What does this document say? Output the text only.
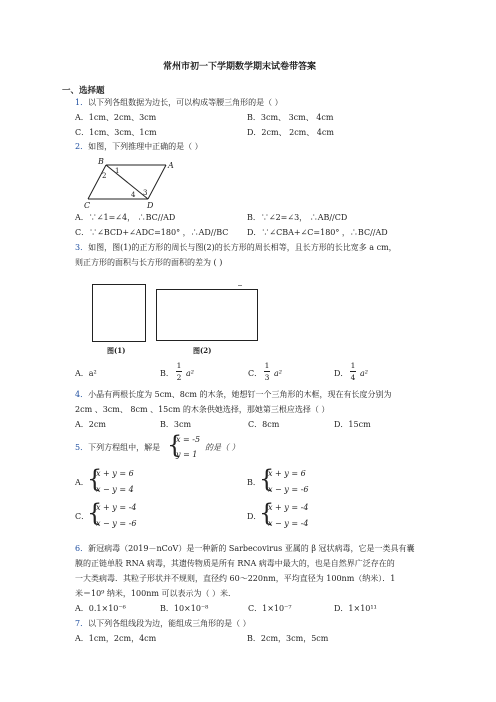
常州市初一下学期数学期末试卷带答案
一、选择题
1．以下列各组数据为边长，可以构成等腰三角形的是（ ）
A．1cm、2cm、3cm	B．3cm、 3cm、 4cm
C．1cm、3cm、1cm	D．2cm、 2cm、 4cm
2．如图，下列推理中正确的是（ ）
B	A
C	D
1
2
3
4
A．∵∠1=∠4， ∴BC//AD	B．∵∠2=∠3， ∴AB//CD
C．∵∠BCD+∠ADC=180° ，∴AD//BC D．∵∠CBA+∠C=180° ，∴BC//AD
3．如图，图(1)的正方形的周长与图(2)的长方形的周长相等，且长方形的长比宽多 a cm，
则正方形的面积与长方形的面积的差为 ( )
图(1)	图(2)
A．a²	B．
1
2 a²	C．
1
3 a²	D．
1
4 a²
4．小晶有两根长度为 5cm、8cm 的木条，她想钉一个三角形的木框，现在有长度分别为
2cm 、3cm、 8cm 、15cm 的木条供她选择，那她第三根应选择（ ）
A．2cm	B．3cm	C．8cm	D．15cm
5．下列方程组中，解是 {
x = -5
y = 1
的是（ ）
A．
{
x + y = 6
x − y = 4
B．
{
x + y = 6
x − y = -6
C．
{
x + y = -4
x − y = -6
D．
{
x + y = -4
x − y = -4
6．新冠病毒（2019－nCoV）是一种新的 Sarbecovirus 亚属的 β 冠状病毒，它是一类具有囊
膜的正链单股 RNA 病毒，其遗传物质是所有 RNA 病毒中最大的，也是自然界广泛存在的
一大类病毒．其粒子形状并不规则，直径约 60～220nm，平均直径为 100nm（纳米）．1
米＝10⁹ 纳米，100nm 可以表示为（ ）米．
A．0.1×10⁻⁶	B．10×10⁻⁸	C．1×10⁻⁷	D．1×10¹¹
7．以下列各组线段为边，能组成三角形的是（ ）
A．1cm，2cm，4cm	B．2cm，3cm，5cm
